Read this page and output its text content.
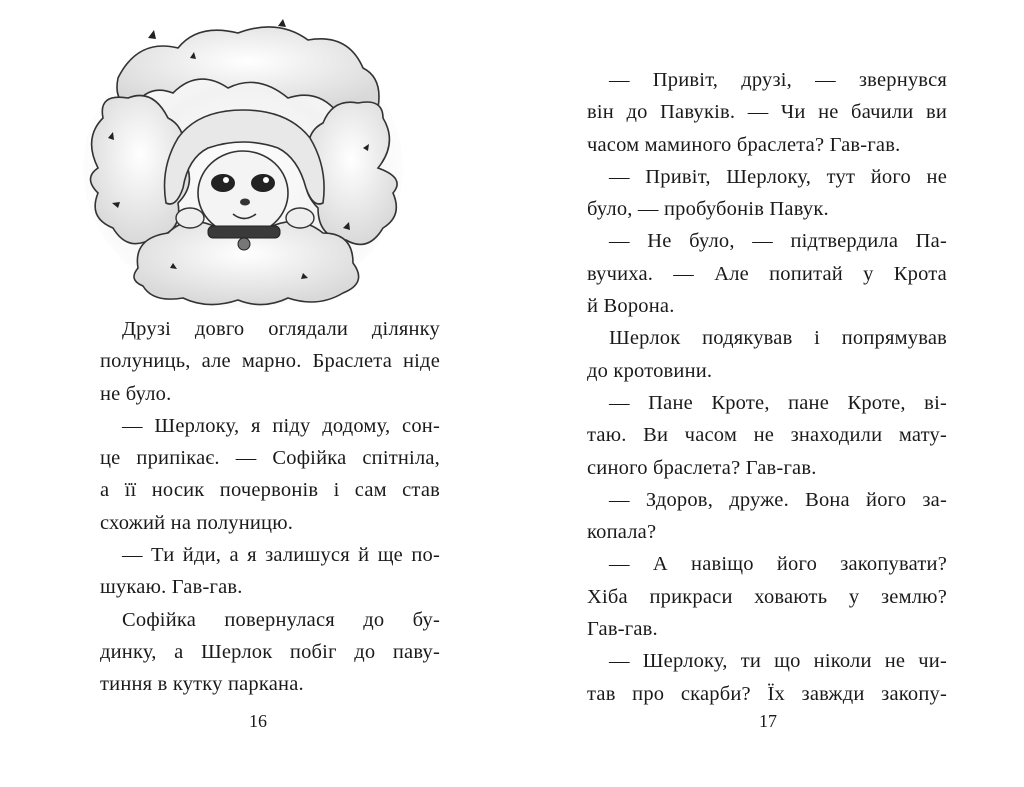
Друзі довго оглядали ділянку
полуниць, але марно. Браслета ніде
не було.
— Шерлоку, я піду додому, сон-
це припікає. — Софійка спітніла,
а її носик почервонів і сам став
схожий на полуницю.
— Ти йди, а я залишуся й ще по-
шукаю. Гав-гав.
Софійка повернулася до бу-
динку, а Шерлок побіг до паву-
тиння в кутку паркана.
16
— Привіт, друзі, — звернувся
він до Павуків. — Чи не бачили ви
часом маминого браслета? Гав-гав.
— Привіт, Шерлоку, тут його не
було, — пробубонів Павук.
— Не було, — підтвердила Па-
вучиха. — Але попитай у Крота
й Ворона.
Шерлок подякував і попрямував
до кротовини.
— Пане Кроте, пане Кроте, ві-
таю. Ви часом не знаходили мату-
синого браслета? Гав-гав.
— Здоров, друже. Вона його за-
копала?
— А навіщо його закопувати?
Хіба прикраси ховають у землю?
Гав-гав.
— Шерлоку, ти що ніколи не чи-
тав про скарби? Їх завжди закопу-
17
